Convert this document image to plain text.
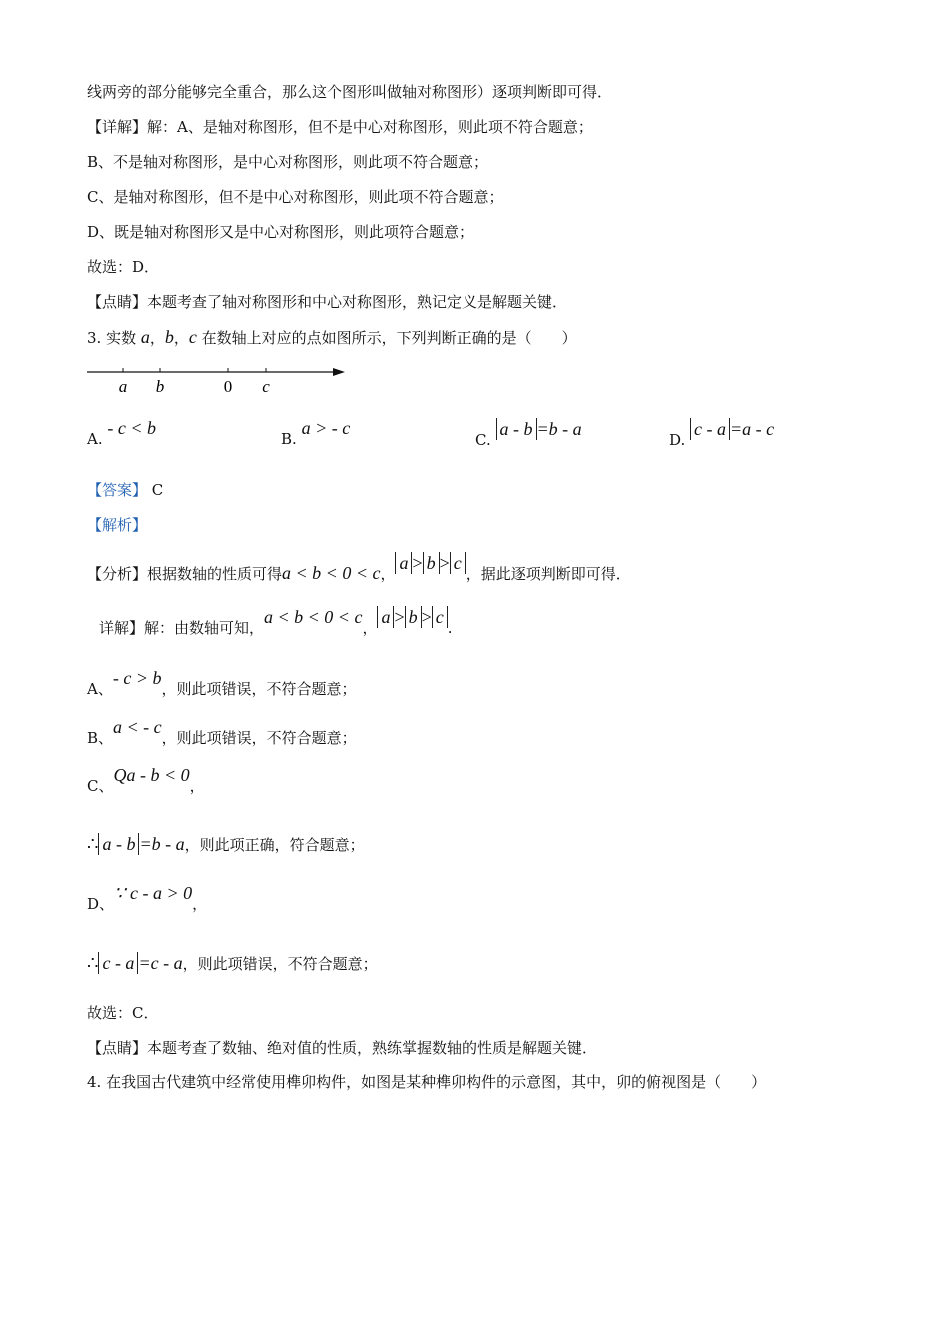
线两旁的部分能够完全重合，那么这个图形叫做轴对称图形）逐项判断即可得．
【详解】解：A、是轴对称图形，但不是中心对称图形，则此项不符合题意；
B、不是轴对称图形，是中心对称图形，则此项不符合题意；
C、是轴对称图形，但不是中心对称图形，则此项不符合题意；
D、既是轴对称图形又是中心对称图形，则此项符合题意；
故选：D．
【点睛】本题考查了轴对称图形和中心对称图形，熟记定义是解题关键．
3. 实数 a，b，c 在数轴上对应的点如图所示，下列判断正确的是（　　）
a b	0 c
A. - c < b
B. a > - c
C. a - b =b - a
D. c - a =a - c
【答案】 C
【解析】
【分析】根据数轴的性质可得a < b < 0 < c，a > b > c，据此逐项判断即可得．
详解】解：由数轴可知，a < b < 0 < c，a > b > c.
A、- c > b，则此项错误，不符合题意；
B、a < - c，则此项错误，不符合题意；
C、Qa - b < 0，
∴ a - b =b - a，则此项正确，符合题意；
D、∵ c - a > 0，
∴ c - a =c - a，则此项错误，不符合题意；
故选：C．
【点睛】本题考查了数轴、绝对值的性质，熟练掌握数轴的性质是解题关键．
4. 在我国古代建筑中经常使用榫卯构件，如图是某种榫卯构件的示意图，其中，卯的俯视图是（　　）
